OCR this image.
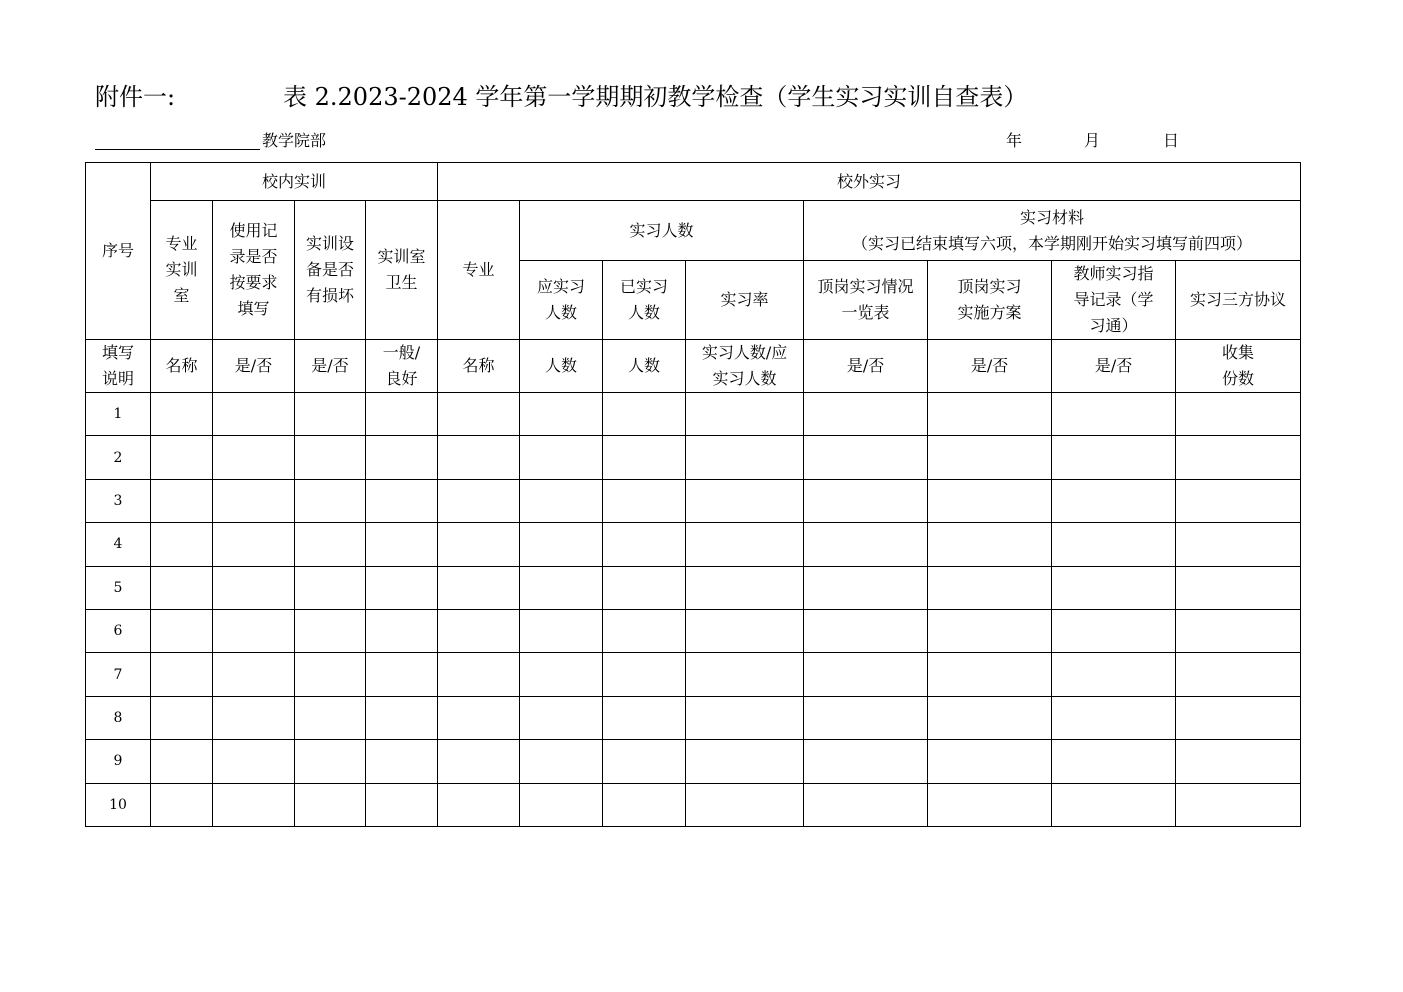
附件一:	表 2.2023-2024 学年第一学期期初教学检查（学生实习实训自查表）
教学院部	年	月	日
序号	校内实训				校外实习							

	专业实训室	使用记录是否按要求填写	实训设备是否有损坏	实训室卫生	专业	实习人数			实习材料
（实习已结束填写六项，本学期刚开始实习填写前四项）			

						应实习人数	已实习人数	实习率	顶岗实习情况一览表	顶岗实习实施方案	教师实习指导记录（学习通）	实习三方协议

填写说明	名称	是/否	是/否	一般/良好	名称	人数	人数	实习人数/应实习人数	是/否	是/否	是/否	收集份数

1												
2												
3												
4												
5												
6												
7												
8												
9												
10												
